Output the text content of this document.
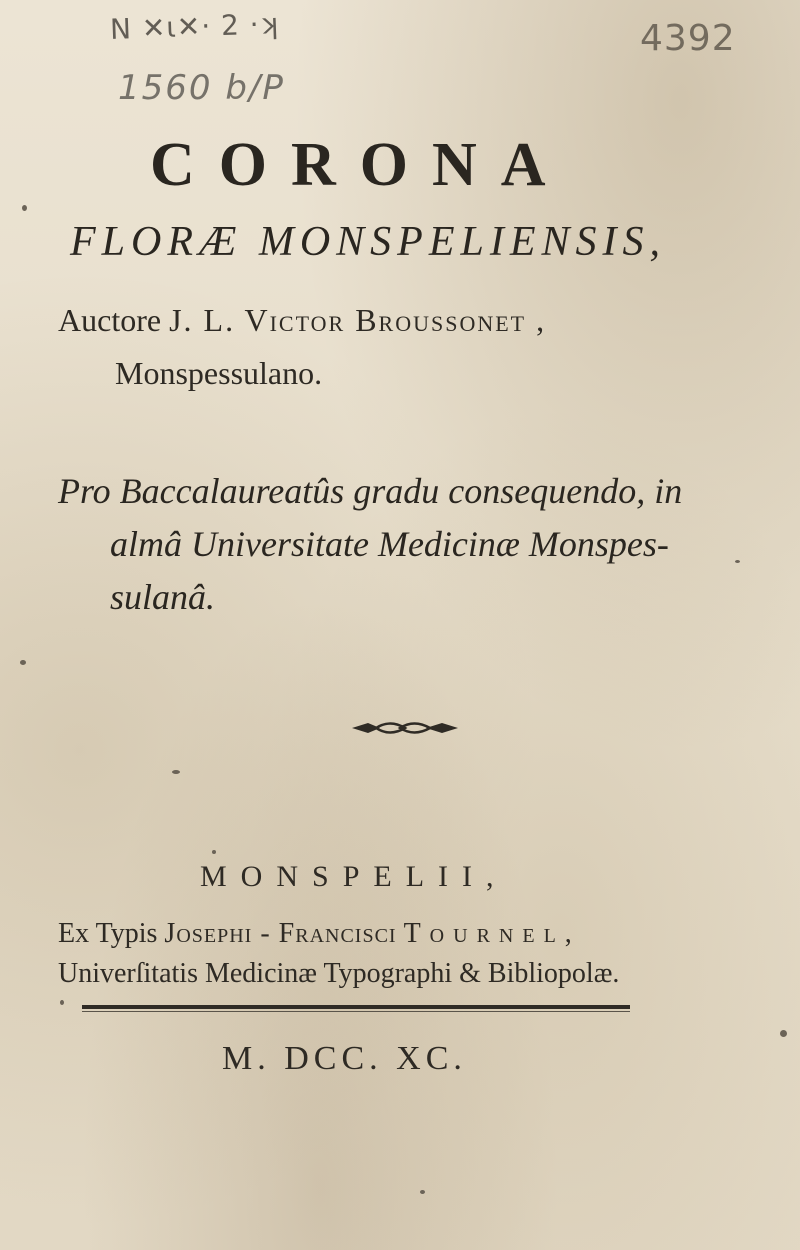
N ✕ɩ✕· 2 ·ʞ
1560 b/P
4392
CORONA
FLORÆ MONSPELIENSIS,
Auctore J. L. Victor Broussonet ,
Monspessulano.
Pro Baccalaureatûs gradu consequendo, in
almâ Universitate Medicinæ Monspes-
sulanâ.
MONSPELII,
Ex Typis Josephi - Francisci Tournel,
Univerſitatis Medicinæ Typographi & Bibliopolæ.
M. DCC. XC.
